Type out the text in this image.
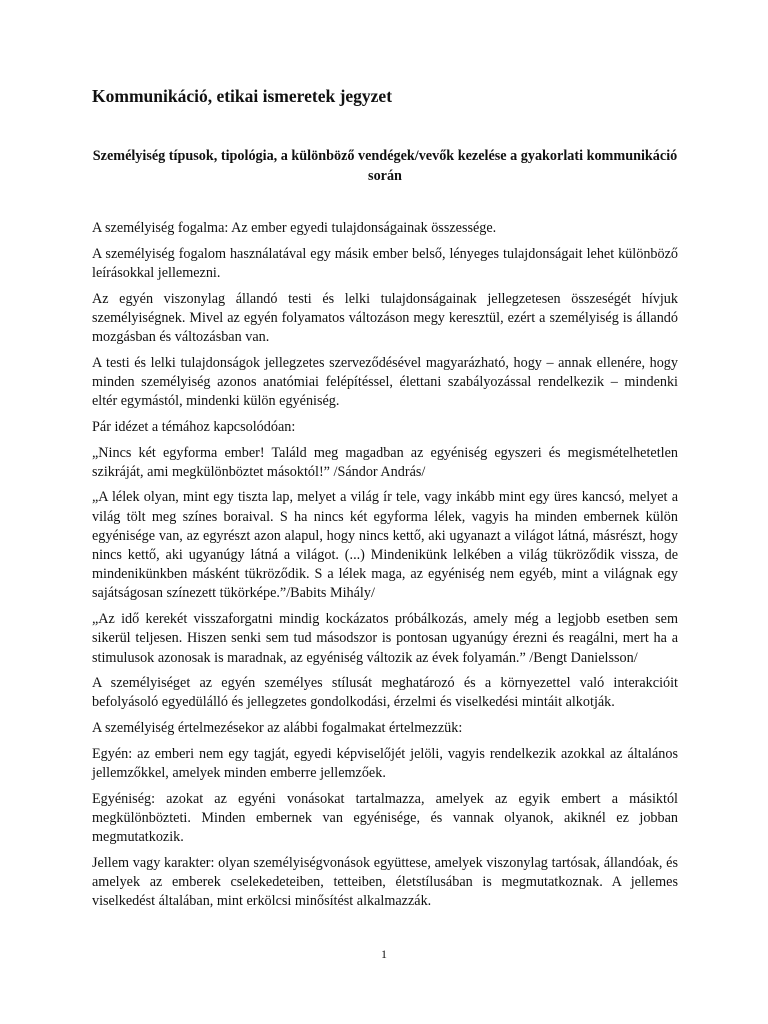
Kommunikáció, etikai ismeretek jegyzet
Személyiség típusok, tipológia, a különböző vendégek/vevők kezelése a gyakorlati kommunikáció során

A személyiség fogalma: Az ember egyedi tulajdonságainak összessége.

A személyiség fogalom használatával egy másik ember belső, lényeges tulajdonságait lehet különböző leírásokkal jellemezni.

Az egyén viszonylag állandó testi és lelki tulajdonságainak jellegzetesen összeségét hívjuk személyiségnek. Mivel az egyén folyamatos változáson megy keresztül, ezért a személyiség is állandó mozgásban és változásban van.

A testi és lelki tulajdonságok jellegzetes szerveződésével magyarázható, hogy – annak ellenére, hogy minden személyiség azonos anatómiai felépítéssel, élettani szabályozással rendelkezik – mindenki eltér egymástól, mindenki külön egyéniség.

Pár idézet a témához kapcsolódóan:

„Nincs két egyforma ember! Találd meg magadban az egyéniség egyszeri és megismételhetetlen szikráját, ami megkülönböztet másoktól!” /Sándor András/

„A lélek olyan, mint egy tiszta lap, melyet a világ ír tele, vagy inkább mint egy üres kancsó, melyet a világ tölt meg színes boraival. S ha nincs két egyforma lélek, vagyis ha minden embernek külön egyénisége van, az egyrészt azon alapul, hogy nincs kettő, aki ugyanazt a világot látná, másrészt, hogy nincs kettő, aki ugyanúgy látná a világot. (...) Mindenikünk lelkében a világ tükröződik vissza, de mindenikünkben másként tükröződik. S a lélek maga, az egyéniség nem egyéb, mint a világnak egy sajátságosan színezett tükörképe.”/Babits Mihály/

„Az idő kerekét visszaforgatni mindig kockázatos próbálkozás, amely még a legjobb esetben sem sikerül teljesen. Hiszen senki sem tud másodszor is pontosan ugyanúgy érezni és reagálni, mert ha a stimulusok azonosak is maradnak, az egyéniség változik az évek folyamán.” /Bengt Danielsson/

A személyiséget az egyén személyes stílusát meghatározó és a környezettel való interakcióit befolyásoló egyedülálló és jellegzetes gondolkodási, érzelmi és viselkedési mintáit alkotják.

A személyiség értelmezésekor az alábbi fogalmakat értelmezzük:

Egyén: az emberi nem egy tagját, egyedi képviselőjét jelöli, vagyis rendelkezik azokkal az általános jellemzőkkel, amelyek minden emberre jellemzőek.

Egyéniség: azokat az egyéni vonásokat tartalmazza, amelyek az egyik embert a másiktól megkülönbözteti. Minden embernek van egyénisége, és vannak olyanok, akiknél ez jobban megmutatkozik.

Jellem vagy karakter: olyan személyiségvonások együttese, amelyek viszonylag tartósak, állandóak, és amelyek az emberek cselekedeteiben, tetteiben, életstílusában is megmutatkoznak. A jellemes viselkedést általában, mint erkölcsi minősítést alkalmazzák.

1
